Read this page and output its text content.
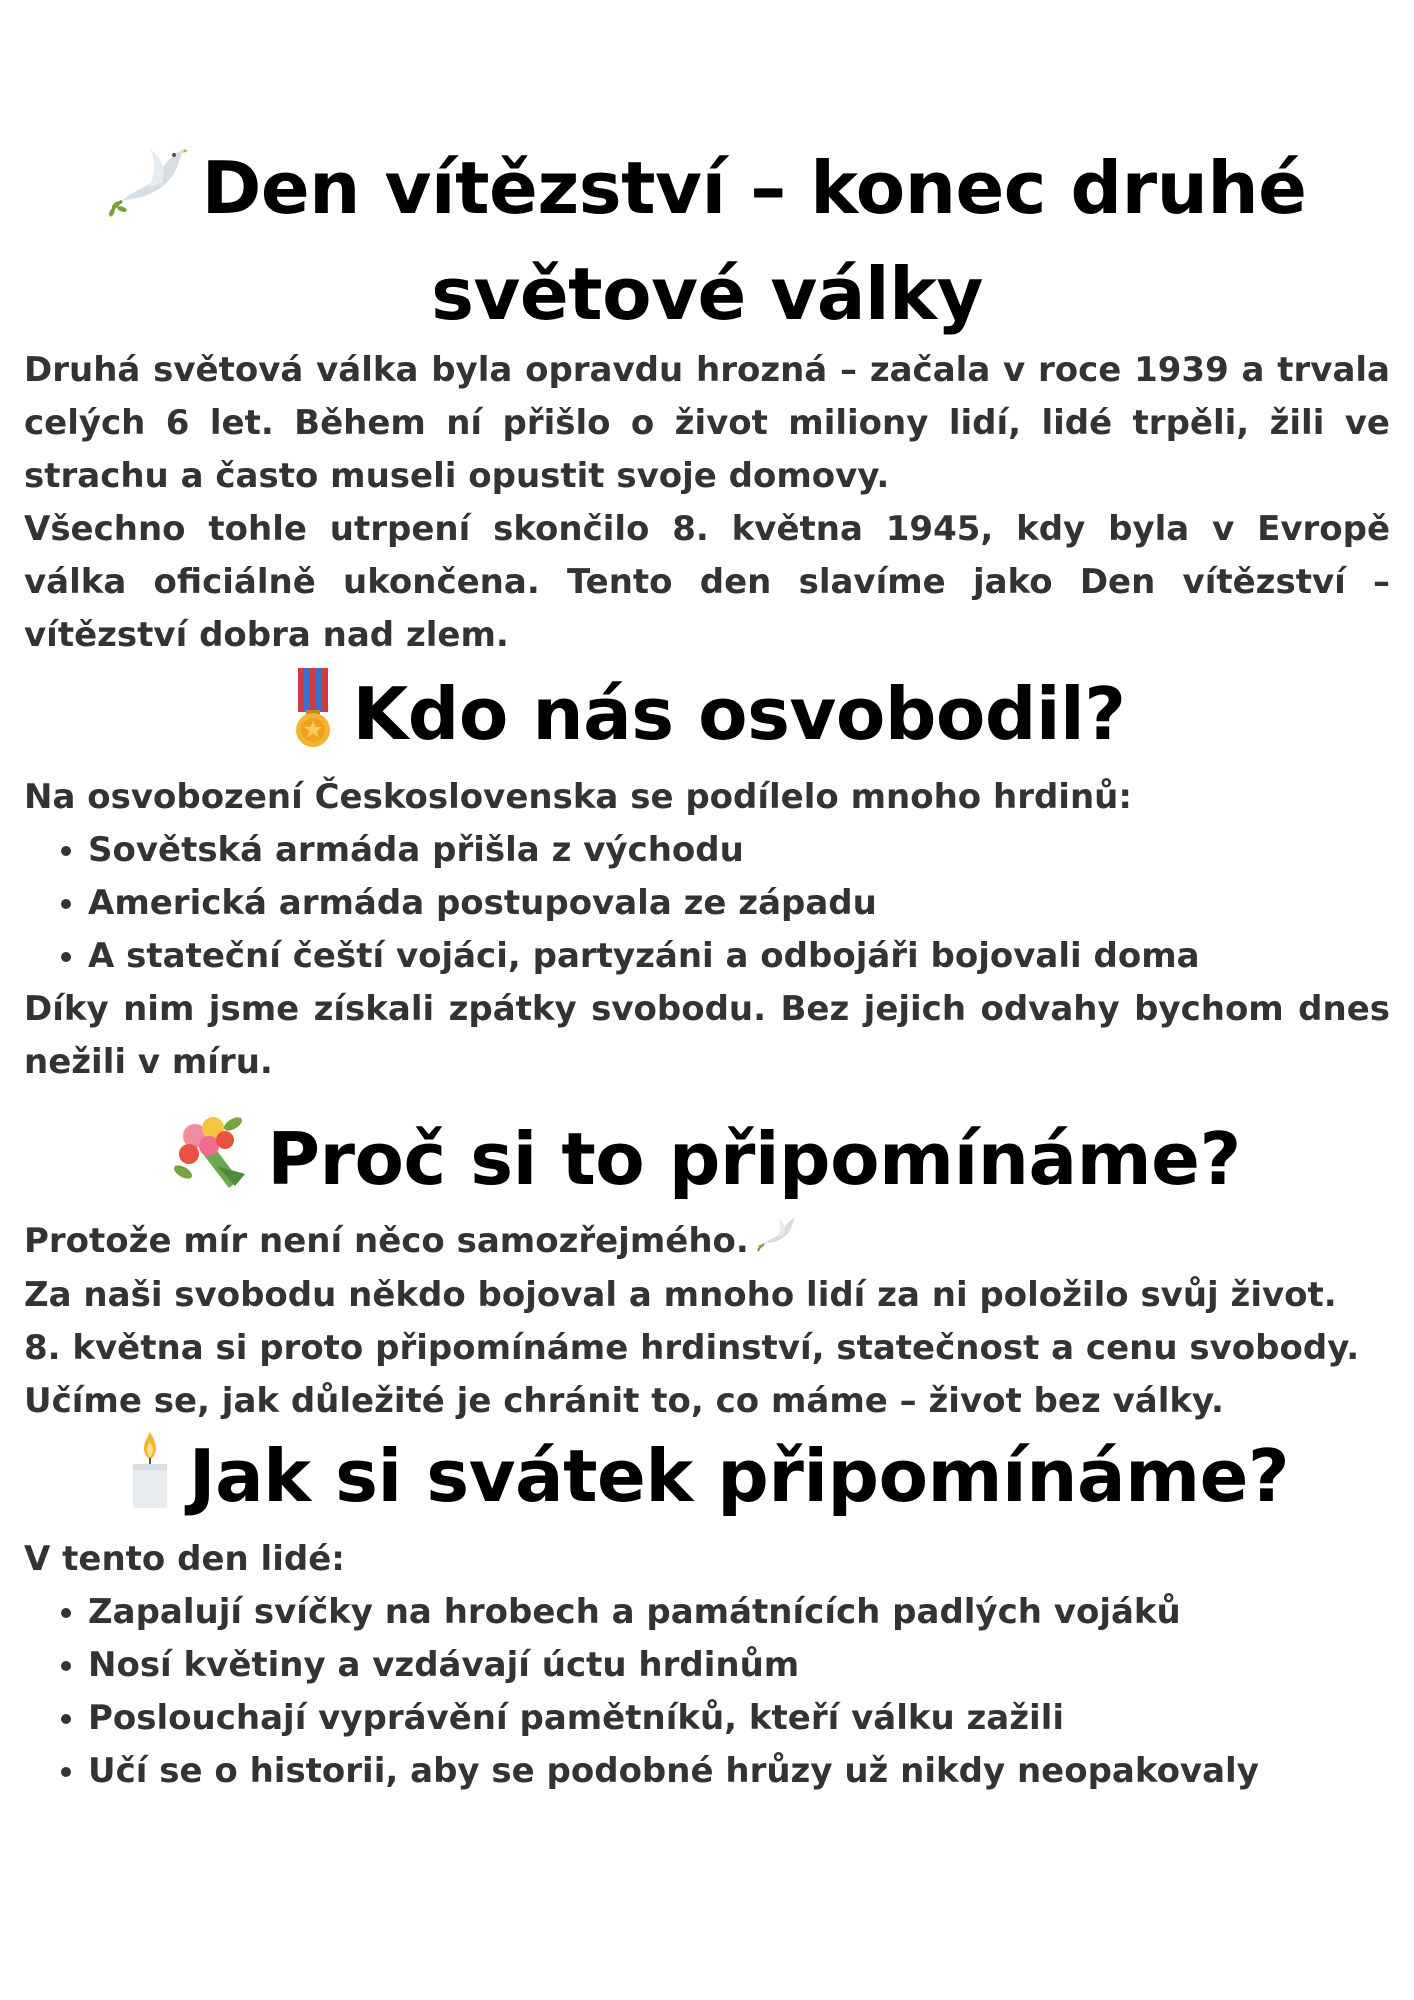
Den vítězství – konec druhé světové války

Druhá světová válka byla opravdu hrozná – začala v roce 1939 a trvala celých 6 let. Během ní přišlo o život miliony lidí, lidé trpěli, žili ve strachu a často museli opustit svoje domovy.

Všechno tohle utrpení skončilo 8. května 1945, kdy byla v Evropě válka oficiálně ukončena. Tento den slavíme jako Den vítězství – vítězství dobra nad zlem.

Kdo nás osvobodil?

Na osvobození Československa se podílelo mnoho hrdinů:

• Sovětská armáda přišla z východu
• Americká armáda postupovala ze západu
• A stateční čeští vojáci, partyzáni a odbojáři bojovali doma

Díky nim jsme získali zpátky svobodu. Bez jejich odvahy bychom dnes nežili v míru.

Proč si to připomínáme?

Protože mír není něco samozřejmého.

Za naši svobodu někdo bojoval a mnoho lidí za ni položilo svůj život.

8. května si proto připomínáme hrdinství, statečnost a cenu svobody.

Učíme se, jak důležité je chránit to, co máme – život bez války.

Jak si svátek připomínáme?

V tento den lidé:

• Zapalují svíčky na hrobech a památnících padlých vojáků
• Nosí květiny a vzdávají úctu hrdinům
• Poslouchají vyprávění pamětníků, kteří válku zažili
• Učí se o historii, aby se podobné hrůzy už nikdy neopakovaly
